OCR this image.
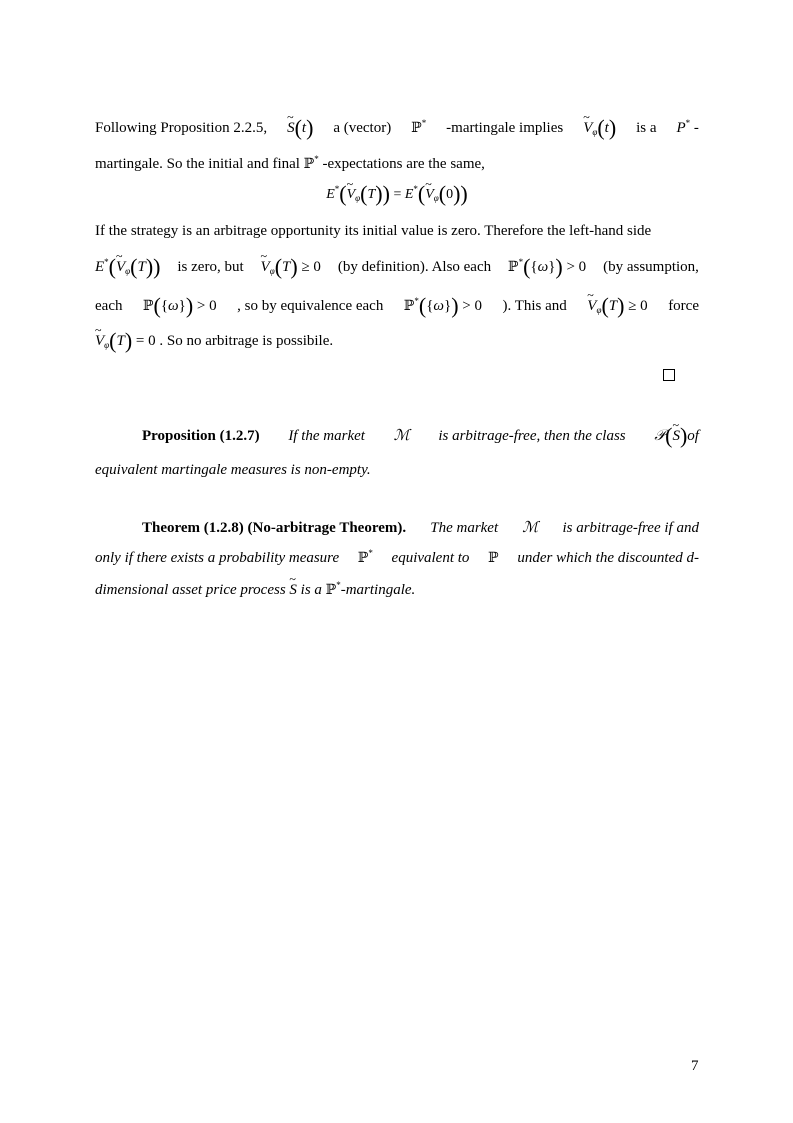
Following Proposition 2.2.5, ~ S(t) a (vector) ℙ* -martingale implies ~ $V_\varphi(t)$ is a P* -
martingale. So the initial and final ℙ* -expectations are the same,
E*(~ $V_\varphi(T)$) = E*(~ $V_\varphi(0)$)
If the strategy is an arbitrage opportunity its initial value is zero. Therefore the left-hand side
E*(~ $V_\varphi(T)$) is zero, but ~ $V_\varphi(T) \ge 0$ (by definition). Also each ℙ*({ω}) > 0 (by assumption,
each ℙ({ω}) > 0 , so by equivalence each ℙ*({ω}) > 0 ). This and ~ $V_\varphi(T) \ge 0$ force
~ $V_\varphi(T) = 0$ . So no arbitrage is possibile.
Proposition (1.2.7) If the market ℳ is arbitrage-free, then the class 𝒫(~ S)of
equivalent martingale measures is non-empty.
Theorem (1.2.8) (No-arbitrage Theorem). The market ℳ is arbitrage-free if and
only if there exists a probability measure ℙ* equivalent to ℙ under which the discounted d-
dimensional asset price process ~ S is a ℙ*-martingale.
7
